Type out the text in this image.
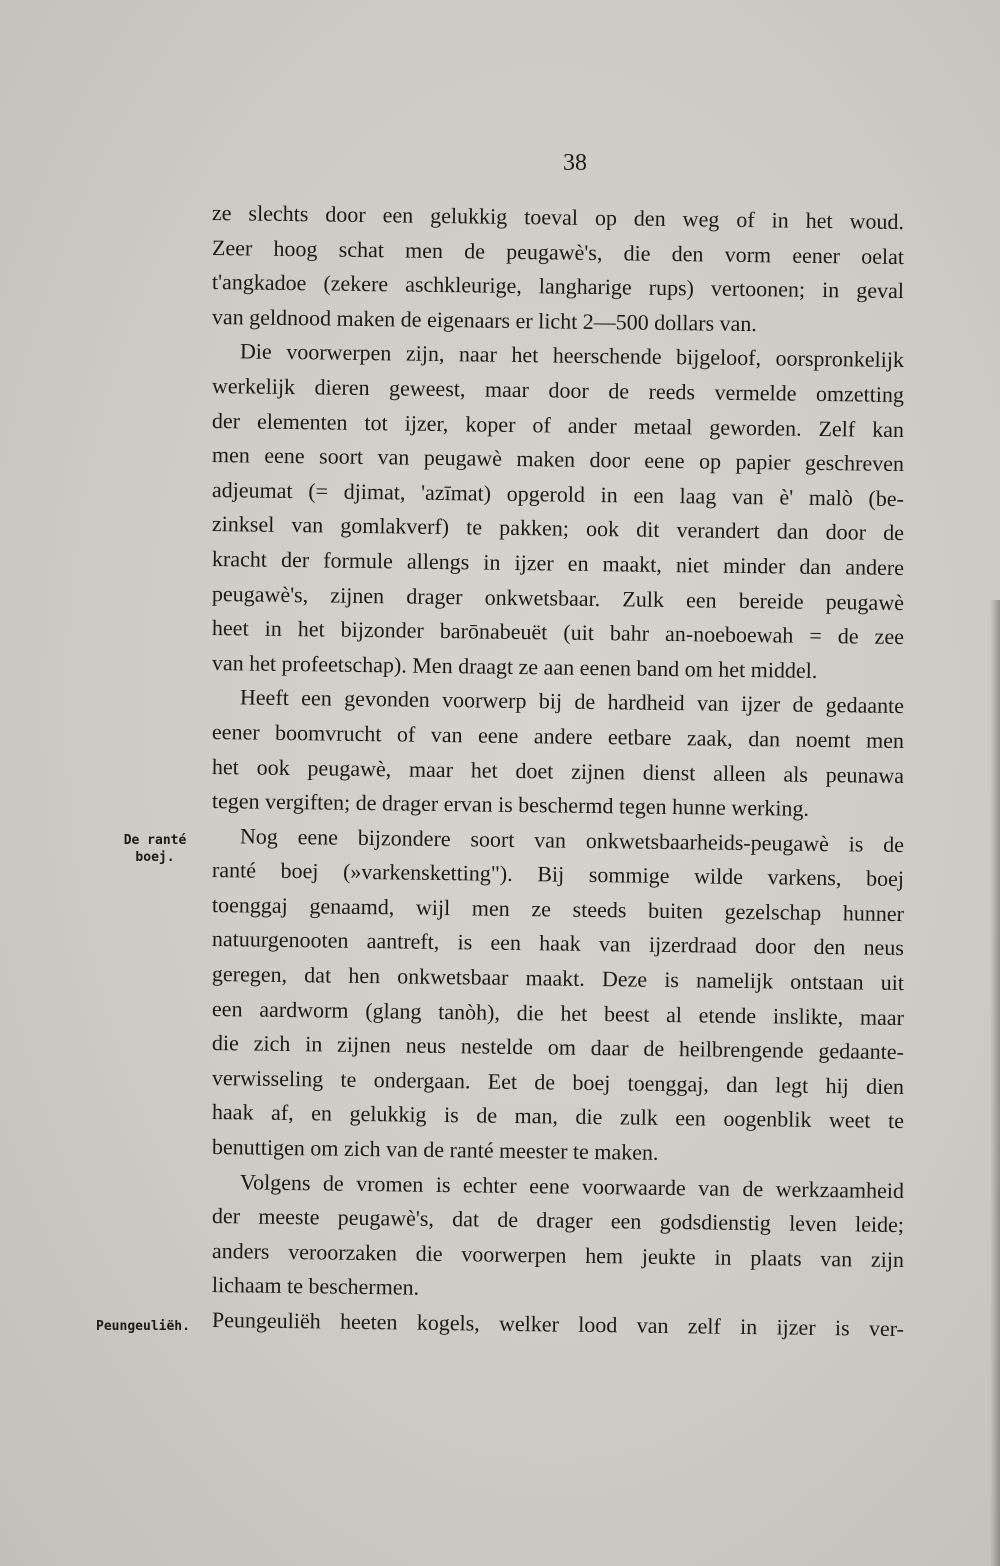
38
De ranté
boej.
Peungeuliëh.

ze slechts door een gelukkig toeval op den weg of in het woud.

Zeer hoog schat men de peugawè's, die den vorm eener oelat

t'angkadoe (zekere aschkleurige, langharige rups) vertoonen; in geval

van geldnood maken de eigenaars er licht 2—500 dollars van.

Die voorwerpen zijn, naar het heerschende bijgeloof, oorspronkelijk

werkelijk dieren geweest, maar door de reeds vermelde omzetting

der elementen tot ijzer, koper of ander metaal geworden. Zelf kan

men eene soort van peugawè maken door eene op papier geschreven

adjeumat (= djimat, 'azīmat) opgerold in een laag van è' malò (be-

zinksel van gomlakverf) te pakken; ook dit verandert dan door de

kracht der formule allengs in ijzer en maakt, niet minder dan andere

peugawè's, zijnen drager onkwetsbaar. Zulk een bereide peugawè

heet in het bijzonder barōnabeuët (uit bahr an-noeboewah = de zee

van het profeetschap). Men draagt ze aan eenen band om het middel.

Heeft een gevonden voorwerp bij de hardheid van ijzer de gedaante

eener boomvrucht of van eene andere eetbare zaak, dan noemt men

het ook peugawè, maar het doet zijnen dienst alleen als peunawa

tegen vergiften; de drager ervan is beschermd tegen hunne werking.

Nog eene bijzondere soort van onkwetsbaarheids-peugawè is de

ranté boej (»varkensketting"). Bij sommige wilde varkens, boej

toenggaj genaamd, wijl men ze steeds buiten gezelschap hunner

natuurgenooten aantreft, is een haak van ijzerdraad door den neus

geregen, dat hen onkwetsbaar maakt. Deze is namelijk ontstaan uit

een aardworm (glang tanòh), die het beest al etende inslikte, maar

die zich in zijnen neus nestelde om daar de heilbrengende gedaante-

verwisseling te ondergaan. Eet de boej toenggaj, dan legt hij dien

haak af, en gelukkig is de man, die zulk een oogenblik weet te

benuttigen om zich van de ranté meester te maken.

Volgens de vromen is echter eene voorwaarde van de werkzaamheid

der meeste peugawè's, dat de drager een godsdienstig leven leide;

anders veroorzaken die voorwerpen hem jeukte in plaats van zijn

lichaam te beschermen.

Peungeuliëh heeten kogels, welker lood van zelf in ijzer is ver-
